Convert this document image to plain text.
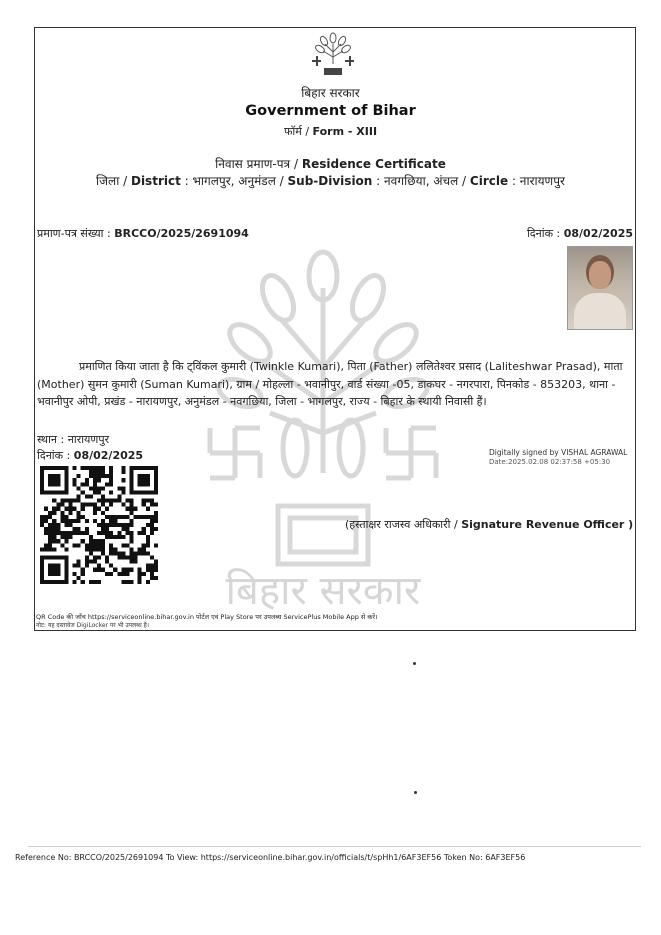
बिहार सरकार
Government of Bihar
फॉर्म / Form - XIII
निवास प्रमाण-पत्र / Residence Certificate
जिला / District : भागलपुर, अनुमंडल / Sub-Division : नवगछिया, अंचल / Circle : नारायणपुर
प्रमाण-पत्र संख्या : BRCCO/2025/2691094	दिनांक : 08/02/2025
बिहार सरकार
प्रमाणित किया जाता है कि ट्विंकल कुमारी (Twinkle Kumari), पिता (Father) ललितेश्वर प्रसाद (Laliteshwar Prasad), माता (Mother) सुमन कुमारी (Suman Kumari), ग्राम / मोहल्ला - भवानीपुर, वार्ड संख्या -05, डाकघर - नगरपारा, पिनकोड - 853203, थाना - भवानीपुर ओपी, प्रखंड - नारायणपुर, अनुमंडल - नवगछिया, जिला - भागलपुर, राज्य - बिहार के स्थायी निवासी हैं।
स्थान : नारायणपुर
दिनांक : 08/02/2025	Digitally signed by VISHAL AGRAWAL
Date:2025.02.08 02:37:58 +05:30
(हस्ताक्षर राजस्व अधिकारी / Signature Revenue Officer )
QR Code की जाँच https://serviceonline.bihar.gov.in पोर्टल एवं Play Store पर उपलब्ध ServicePlus Mobile App से करें।
नोट: यह दस्तावेज DigiLocker पर भी उपलब्ध है।
Reference No: BRCCO/2025/2691094 To View: https://serviceonline.bihar.gov.in/officials/t/spHh1/6AF3EF56 Token No: 6AF3EF56
